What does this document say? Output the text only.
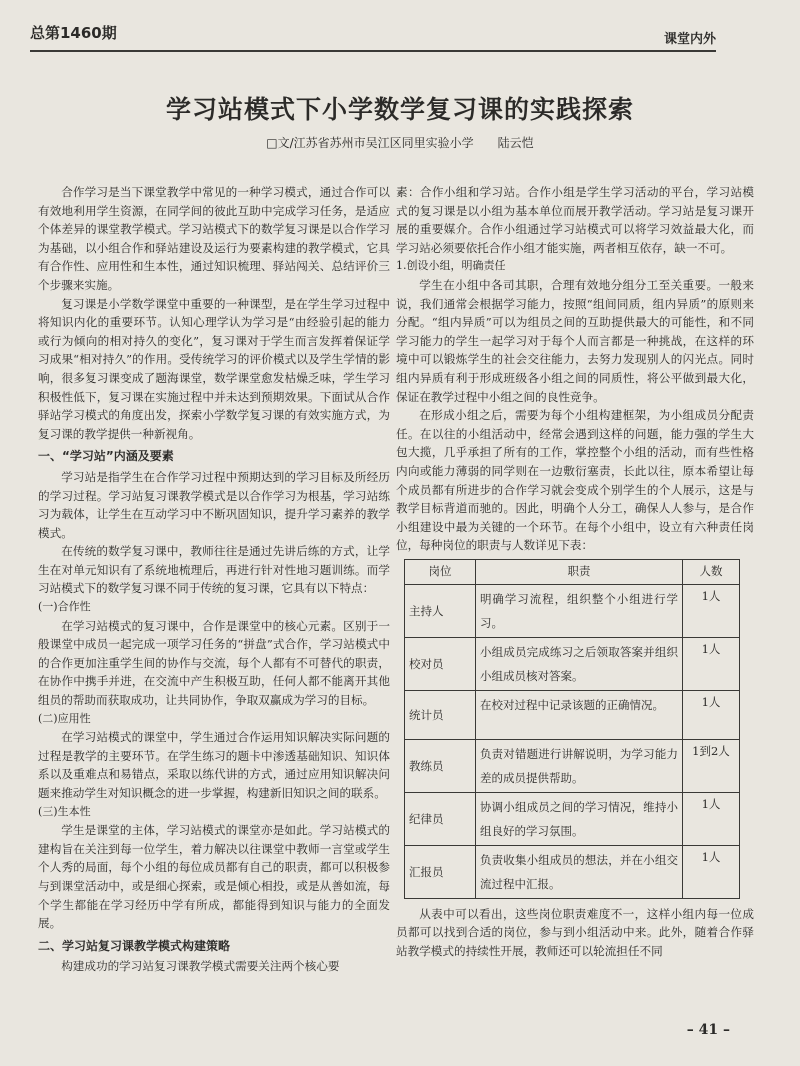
总第1460期	课堂内外
学习站模式下小学数学复习课的实践探索
□文/江苏省苏州市吴江区同里实验小学　　陆云恺

合作学习是当下课堂教学中常见的一种学习模式，通过合作可以有效地利用学生资源，在同学间的彼此互助中完成学习任务，是适应个体差异的课堂教学模式。学习站模式下的数学复习课是以合作学习为基础，以小组合作和驿站建设及运行为要素构建的教学模式，它具有合作性、应用性和生本性，通过知识梳理、驿站闯关、总结评价三个步骤来实施。

复习课是小学数学课堂中重要的一种课型，是在学生学习过程中将知识内化的重要环节。认知心理学认为学习是“由经验引起的能力或行为倾向的相对持久的变化”，复习课对于学生而言发挥着保证学习成果“相对持久”的作用。受传统学习的评价模式以及学生学情的影响，很多复习课变成了题海课堂，数学课堂愈发枯燥乏味，学生学习积极性低下，复习课在实施过程中并未达到预期效果。下面试从合作驿站学习模式的角度出发，探索小学数学复习课的有效实施方式，为复习课的教学提供一种新视角。

一、“学习站”内涵及要素

学习站是指学生在合作学习过程中预期达到的学习目标及所经历的学习过程。学习站复习课教学模式是以合作学习为根基，学习站练习为载体，让学生在互动学习中不断巩固知识，提升学习素养的教学模式。

在传统的数学复习课中，教师往往是通过先讲后练的方式，让学生在对单元知识有了系统地梳理后，再进行针对性地习题训练。而学习站模式下的数学复习课不同于传统的复习课，它具有以下特点：

(一)合作性

在学习站模式的复习课中，合作是课堂中的核心元素。区别于一般课堂中成员一起完成一项学习任务的“拼盘”式合作，学习站模式中的合作更加注重学生间的协作与交流，每个人都有不可替代的职责，在协作中携手并进，在交流中产生积极互助，任何人都不能离开其他组员的帮助而获取成功，让共同协作，争取双赢成为学习的目标。

(二)应用性

在学习站模式的课堂中，学生通过合作运用知识解决实际问题的过程是教学的主要环节。在学生练习的题卡中渗透基础知识、知识体系以及重难点和易错点，采取以练代讲的方式，通过应用知识解决问题来推动学生对知识概念的进一步掌握，构建新旧知识之间的联系。

(三)生本性

学生是课堂的主体，学习站模式的课堂亦是如此。学习站模式的建构旨在关注到每一位学生，着力解决以往课堂中教师一言堂或学生个人秀的局面，每个小组的每位成员都有自己的职责，都可以积极参与到课堂活动中，或是细心探索，或是倾心相投，或是从善如流，每个学生都能在学习经历中学有所成，都能得到知识与能力的全面发展。

二、学习站复习课教学模式构建策略

构建成功的学习站复习课教学模式需要关注两个核心要

素：合作小组和学习站。合作小组是学生学习活动的平台，学习站模式的复习课是以小组为基本单位而展开教学活动。学习站是复习课开展的重要媒介。合作小组通过学习站模式可以将学习效益最大化，而学习站必须要依托合作小组才能实施，两者相互依存，缺一不可。

1.创设小组，明确责任

学生在小组中各司其职，合理有效地分组分工至关重要。一般来说，我们通常会根据学习能力，按照“组间同质，组内异质”的原则来分配。“组内异质”可以为组员之间的互助提供最大的可能性，和不同学习能力的学生一起学习对于每个人而言都是一种挑战，在这样的环境中可以锻炼学生的社会交往能力，去努力发现别人的闪光点。同时组内异质有利于形成班级各小组之间的同质性，将公平做到最大化，保证在教学过程中小组之间的良性竞争。

在形成小组之后，需要为每个小组构建框架，为小组成员分配责任。在以往的小组活动中，经常会遇到这样的问题，能力强的学生大包大揽，几乎承担了所有的工作，掌控整个小组的活动，而有些性格内向或能力薄弱的同学则在一边敷衍塞责，长此以往，原本希望让每个成员都有所进步的合作学习就会变成个别学生的个人展示，这是与教学目标背道而驰的。因此，明确个人分工，确保人人参与，是合作小组建设中最为关键的一个环节。在每个小组中，设立有六种责任岗位，每种岗位的职责与人数详见下表：

岗位	职责	人数
主持人	明确学习流程，组织整个小组进行学习。	1人
校对员	小组成员完成练习之后领取答案并组织小组成员核对答案。	1人
统计员	在校对过程中记录该题的正确情况。	1人
教练员	负责对错题进行讲解说明，为学习能力差的成员提供帮助。	1到2人
纪律员	协调小组成员之间的学习情况，维持小组良好的学习氛围。	1人
汇报员	负责收集小组成员的想法，并在小组交流过程中汇报。	1人

从表中可以看出，这些岗位职责难度不一，这样小组内每一位成员都可以找到合适的岗位，参与到小组活动中来。此外，随着合作驿站教学模式的持续性开展，教师还可以轮流担任不同

– 41 –
